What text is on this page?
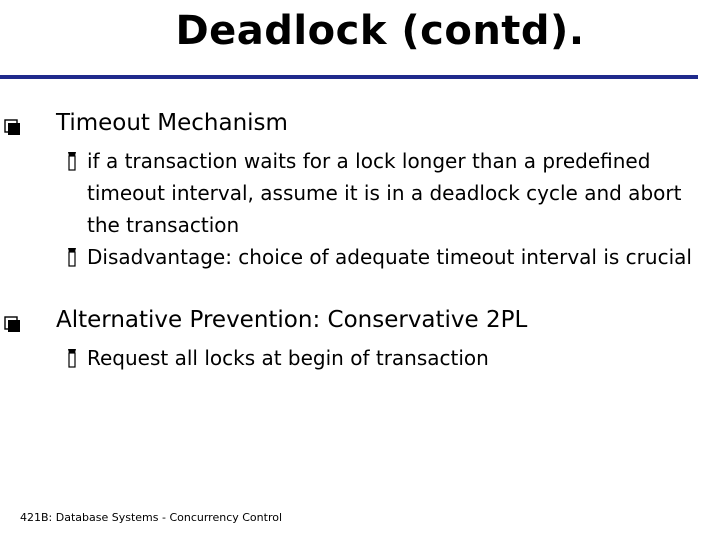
Deadlock (contd).
Timeout Mechanism
if a transaction waits for a lock longer than a predefined timeout interval, assume it is in a deadlock cycle and abort the transaction
Disadvantage: choice of adequate timeout interval is crucial
Alternative Prevention: Conservative 2PL
Request all locks at begin of transaction
421B: Database Systems - Concurrency Control
